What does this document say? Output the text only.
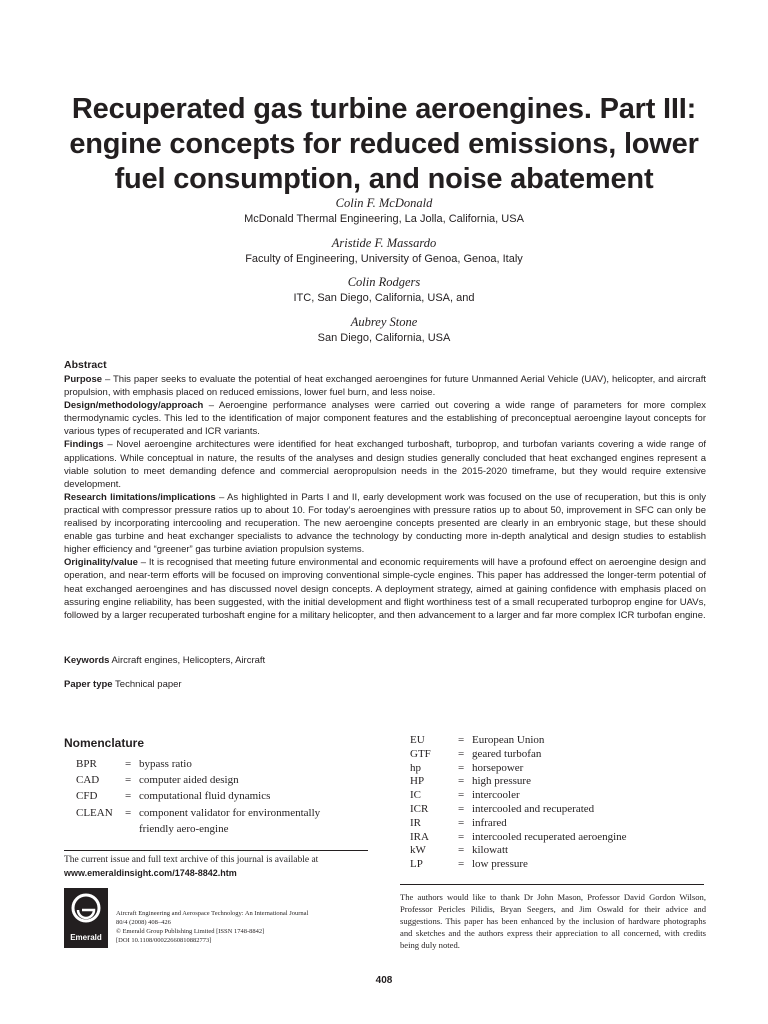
Recuperated gas turbine aeroengines. Part III:
engine concepts for reduced emissions, lower
fuel consumption, and noise abatement
Colin F. McDonald
McDonald Thermal Engineering, La Jolla, California, USA
Aristide F. Massardo
Faculty of Engineering, University of Genoa, Genoa, Italy
Colin Rodgers
ITC, San Diego, California, USA, and
Aubrey Stone
San Diego, California, USA
Abstract

Purpose – This paper seeks to evaluate the potential of heat exchanged aeroengines for future Unmanned Aerial Vehicle (UAV), helicopter, and aircraft propulsion, with emphasis placed on reduced emissions, lower fuel burn, and less noise.

Design/methodology/approach – Aeroengine performance analyses were carried out covering a wide range of parameters for more complex thermodynamic cycles. This led to the identification of major component features and the establishing of preconceptual aeroengine layout concepts for various types of recuperated and ICR variants.

Findings – Novel aeroengine architectures were identified for heat exchanged turboshaft, turboprop, and turbofan variants covering a wide range of applications. While conceptual in nature, the results of the analyses and design studies generally concluded that heat exchanged engines represent a viable solution to meet demanding defence and commercial aeropropulsion needs in the 2015-2020 timeframe, but they would require extensive development.

Research limitations/implications – As highlighted in Parts I and II, early development work was focused on the use of recuperation, but this is only practical with compressor pressure ratios up to about 10. For today’s aeroengines with pressure ratios up to about 50, improvement in SFC can only be realised by incorporating intercooling and recuperation. The new aeroengine concepts presented are clearly in an embryonic stage, but these should enable gas turbine and heat exchanger specialists to advance the technology by conducting more in-depth analytical and design studies to establish higher efficiency and “greener” gas turbine aviation propulsion systems.

Originality/value – It is recognised that meeting future environmental and economic requirements will have a profound effect on aeroengine design and operation, and near-term efforts will be focused on improving conventional simple-cycle engines. This paper has addressed the longer-term potential of heat exchanged aeroengines and has discussed novel design concepts. A deployment strategy, aimed at gaining confidence with emphasis placed on assuring engine reliability, has been suggested, with the initial development and flight worthiness test of a small recuperated turboprop engine for UAVs, followed by a larger recuperated turboshaft engine for a military helicopter, and then advancement to a larger and far more complex ICR turbofan engine.

Keywords Aircraft engines, Helicopters, Aircraft
Paper type Technical paper
Nomenclature
BPR	= bypass ratio
CAD	= computer aided design
CFD	= computational fluid dynamics
CLEAN	= component validator for environmentally
friendly aero-engine
EU	= European Union
GTF	= geared turbofan
hp	= horsepower
HP	= high pressure
IC	= intercooler
ICR	= intercooled and recuperated
IR	= infrared
IRA	= intercooled recuperated aeroengine
kW	= kilowatt
LP	= low pressure
The current issue and full text archive of this journal is available at
www.emeraldinsight.com/1748-8842.htm
Emerald
Aircraft Engineering and Aerospace Technology: An International Journal
80/4 (2008) 408–426
© Emerald Group Publishing Limited [ISSN 1748-8842]
[DOI 10.1108/00022660810882773]
The authors would like to thank Dr John Mason, Professor David Gordon Wilson, Professor Pericles Pilidis, Bryan Seegers, and Jim Oswald for their advice and suggestions. This paper has been enhanced by the inclusion of hardware photographs and sketches and the authors express their appreciation to all concerned, with credits being duly noted.
408
